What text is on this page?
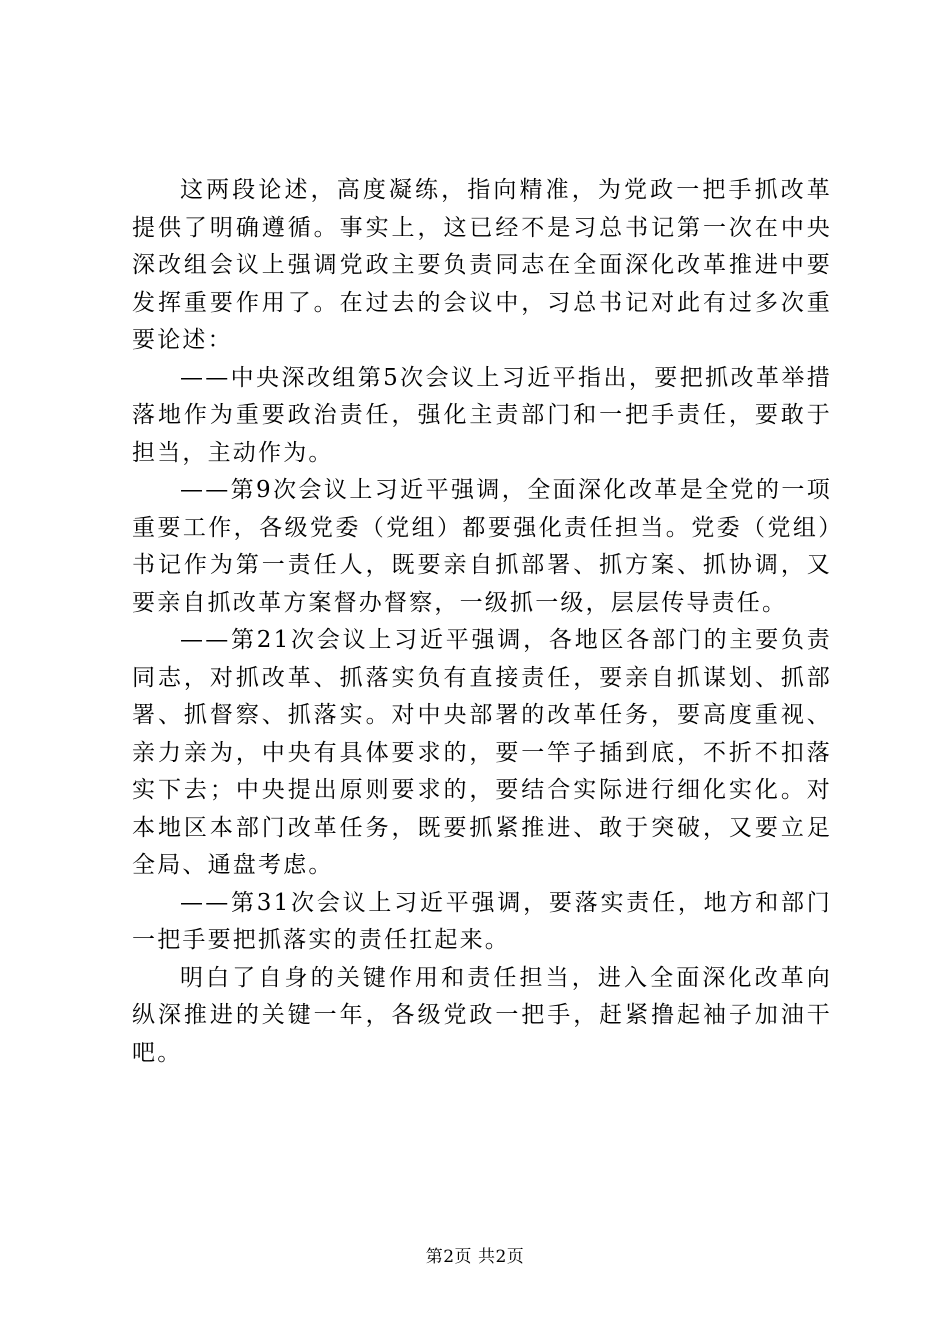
这两段论述，高度凝练，指向精准，为党政一把手抓改革提供了明确遵循。事实上，这已经不是习总书记第一次在中央深改组会议上强调党政主要负责同志在全面深化改革推进中要发挥重要作用了。在过去的会议中，习总书记对此有过多次重要论述：

——中央深改组第5次会议上习近平指出，要把抓改革举措落地作为重要政治责任，强化主责部门和一把手责任，要敢于担当，主动作为。

——第9次会议上习近平强调，全面深化改革是全党的一项重要工作，各级党委（党组）都要强化责任担当。党委（党组）书记作为第一责任人，既要亲自抓部署、抓方案、抓协调，又要亲自抓改革方案督办督察，一级抓一级，层层传导责任。

——第21次会议上习近平强调，各地区各部门的主要负责同志，对抓改革、抓落实负有直接责任，要亲自抓谋划、抓部署、抓督察、抓落实。对中央部署的改革任务，要高度重视、亲力亲为，中央有具体要求的，要一竿子插到底，不折不扣落实下去；中央提出原则要求的，要结合实际进行细化实化。对本地区本部门改革任务，既要抓紧推进、敢于突破，又要立足全局、通盘考虑。

——第31次会议上习近平强调，要落实责任，地方和部门一把手要把抓落实的责任扛起来。

明白了自身的关键作用和责任担当，进入全面深化改革向纵深推进的关键一年，各级党政一把手，赶紧撸起袖子加油干吧。

第2页 共2页
